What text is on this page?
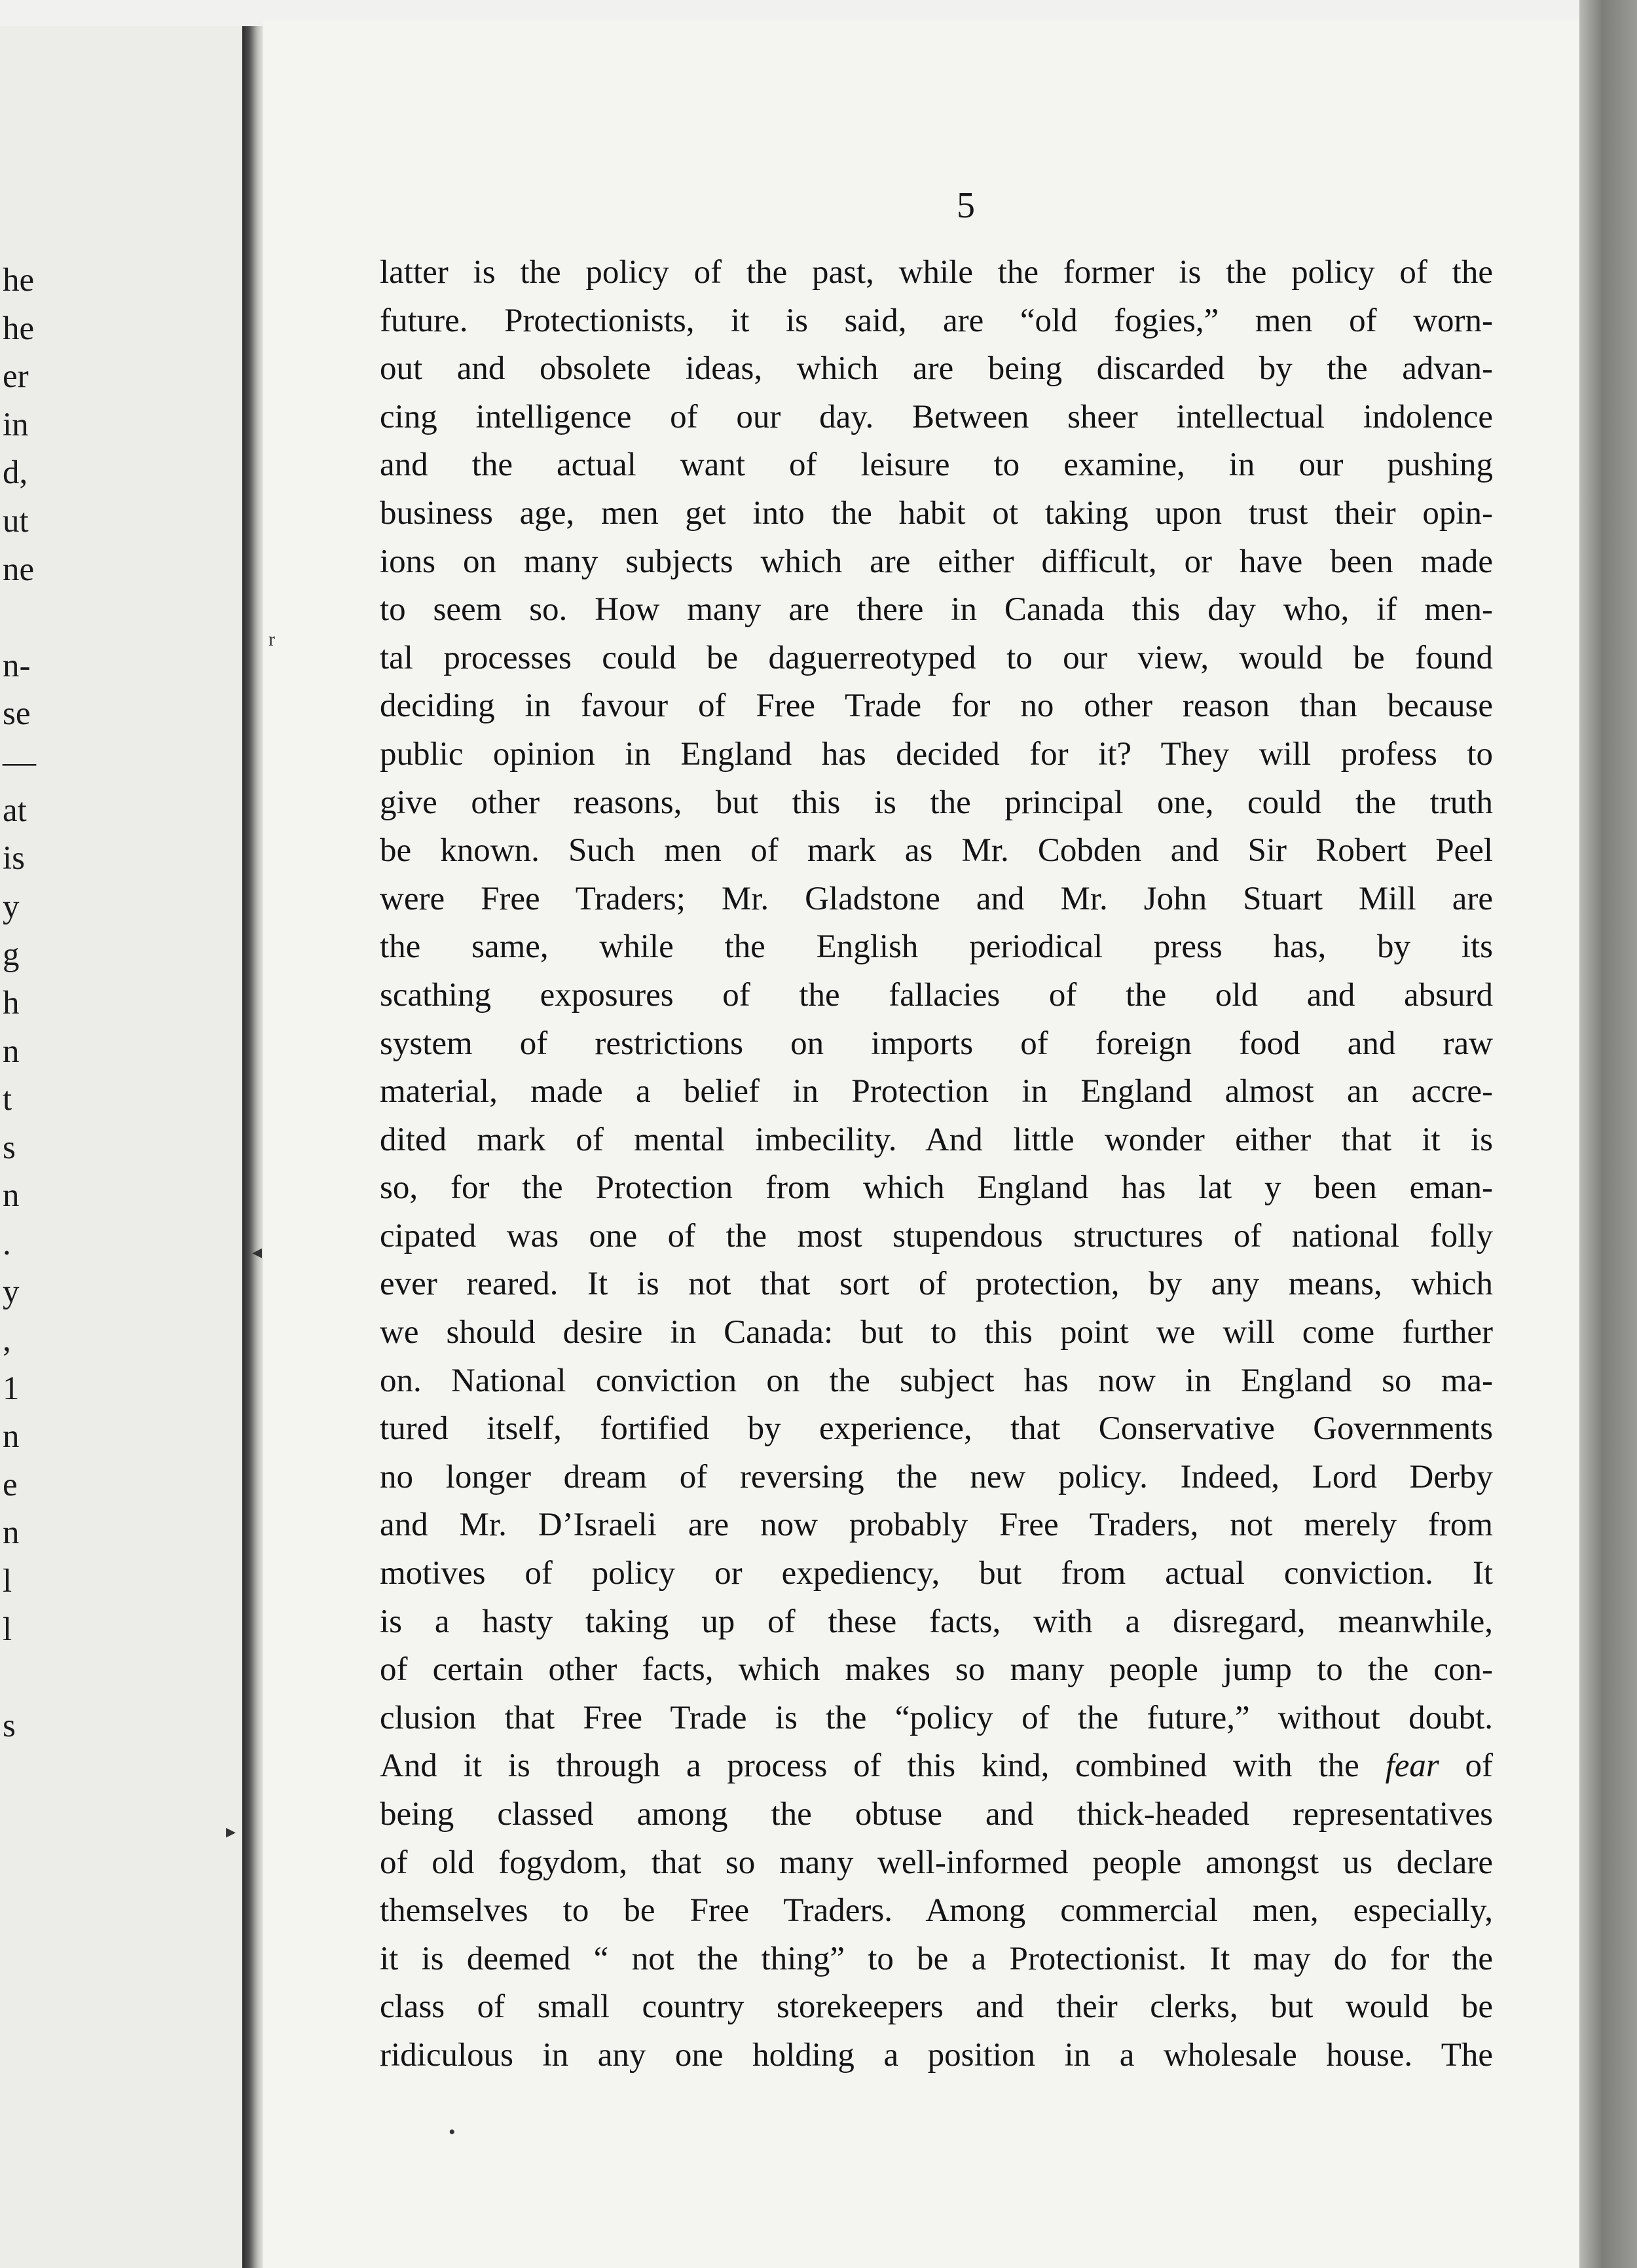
he
he
er
in
d,
ut
ne
n-
se
—
at
is
y
g
h
n
t
s
n
.
y
,
1
n
e
n
l
l
s
5
latter is the policy of the past, while the former is the policy of the
future. Protectionists, it is said, are “old fogies,” men of worn-
out and obsolete ideas, which are being discarded by the advan-
cing intelligence of our day. Between sheer intellectual indolence
and the actual want of leisure to examine, in our pushing
business age, men get into the habit ot taking upon trust their opin-
ions on many subjects which are either difficult, or have been made
to seem so. How many are there in Canada this day who, if men-
tal processes could be daguerreotyped to our view, would be found
deciding in favour of Free Trade for no other reason than because
public opinion in England has decided for it? They will profess to
give other reasons, but this is the principal one, could the truth
be known. Such men of mark as Mr. Cobden and Sir Robert Peel
were Free Traders; Mr. Gladstone and Mr. John Stuart Mill are
the same, while the English periodical press has, by its
scathing exposures of the fallacies of the old and absurd
system of restrictions on imports of foreign food and raw
material, made a belief in Protection in England almost an accre-
dited mark of mental imbecility. And little wonder either that it is
so, for the Protection from which England has lat y been eman-
cipated was one of the most stupendous structures of national folly
ever reared. It is not that sort of protection, by any means, which
we should desire in Canada: but to this point we will come further
on. National conviction on the subject has now in England so ma-
tured itself, fortified by experience, that Conservative Governments
no longer dream of reversing the new policy. Indeed, Lord Derby
and Mr. D’Israeli are now probably Free Traders, not merely from
motives of policy or expediency, but from actual conviction. It
is a hasty taking up of these facts, with a disregard, meanwhile,
of certain other facts, which makes so many people jump to the con-
clusion that Free Trade is the “policy of the future,” without doubt.
And it is through a process of this kind, combined with the fear of
being classed among the obtuse and thick-headed representatives
of old fogydom, that so many well-informed people amongst us declare
themselves to be Free Traders. Among commercial men, especially,
it is deemed “ not the thing” to be a Protectionist. It may do for the
class of small country storekeepers and their clerks, but would be
ridiculous in any one holding a position in a wholesale house. The
r
◂
▸
•
